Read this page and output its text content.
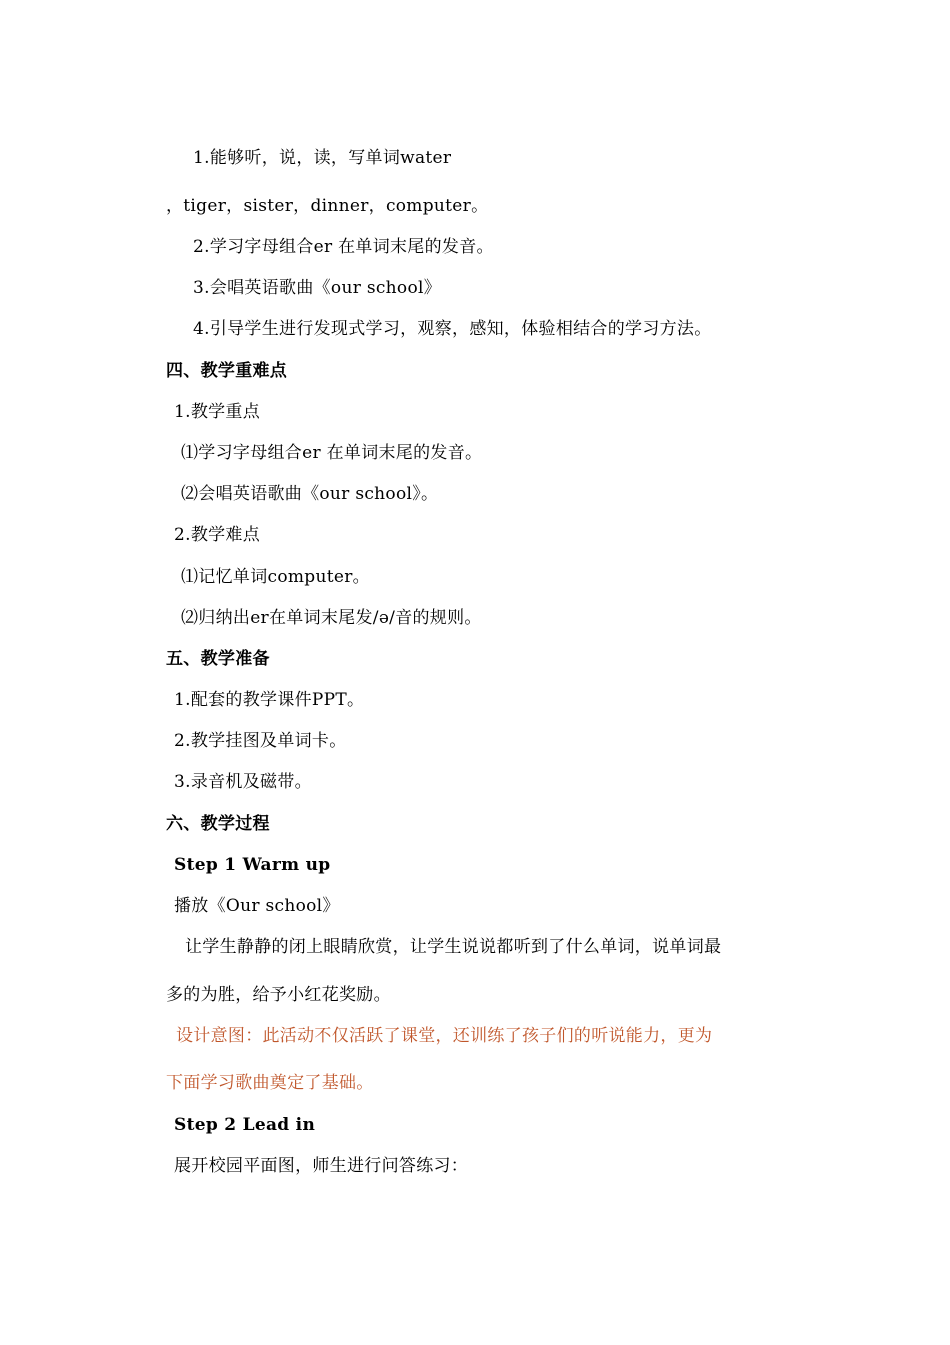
1.能够听，说，读，写单词water
，tiger，sister，dinner，computer。
2.学习字母组合er 在单词末尾的发音。
3.会唱英语歌曲《our school》
4.引导学生进行发现式学习，观察，感知，体验相结合的学习方法。
四、教学重难点
1.教学重点
⑴学习字母组合er 在单词末尾的发音。
⑵会唱英语歌曲《our school》。
2.教学难点
⑴记忆单词computer。
⑵归纳出er在单词末尾发/ə/音的规则。
五、教学准备
1.配套的教学课件PPT。
2.教学挂图及单词卡。
3.录音机及磁带。
六、教学过程
Step 1 Warm up
播放《Our school》
让学生静静的闭上眼睛欣赏，让学生说说都听到了什么单词，说单词最
多的为胜，给予小红花奖励。
设计意图：此活动不仅活跃了课堂，还训练了孩子们的听说能力，更为
下面学习歌曲奠定了基础。
Step 2 Lead in
展开校园平面图，师生进行问答练习：
